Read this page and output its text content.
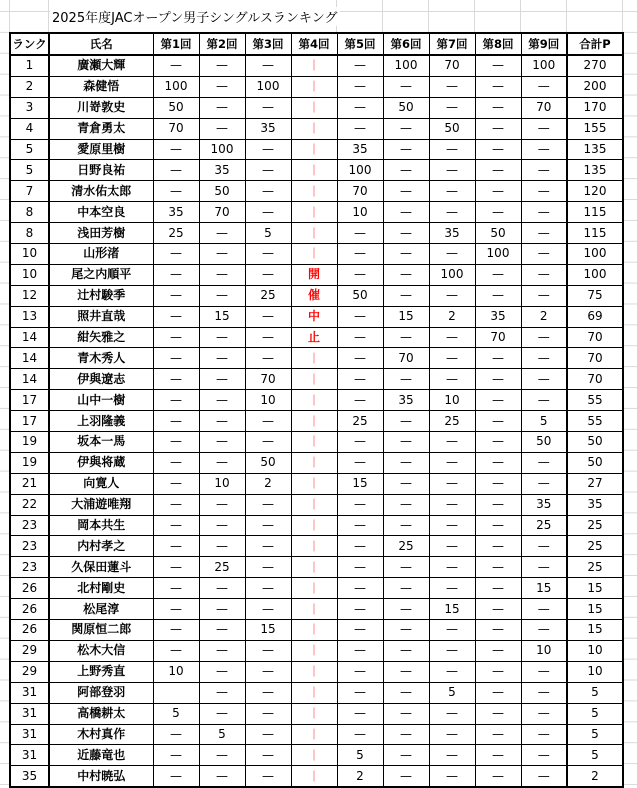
2025年度JACオープン男子シングルスランキング
ランク	氏名	第1回	第2回	第3回	第4回	第5回	第6回	第7回	第8回	第9回	合計P
1	廣瀬大輝	—	—	—	｜	—	100	70	—	100	270
2	森健悟	100	—	100	｜	—	—	—	—	—	200
3	川嵜敦史	50	—	—	｜	—	50	—	—	70	170
4	青倉勇太	70	—	35	｜	—	—	50	—	—	155
5	愛原里樹	—	100	—	｜	35	—	—	—	—	135
5	日野良祐	—	35	—	｜	100	—	—	—	—	135
7	清水佑太郎	—	50	—	｜	70	—	—	—	—	120
8	中本空良	35	70	—	｜	10	—	—	—	—	115
8	浅田芳樹	25	—	5	｜	—	—	35	50	—	115
10	山形渚	—	—	—	｜	—	—	—	100	—	100
10	尾之内順平	—	—	—	開	—	—	100	—	—	100
12	辻村駿季	—	—	25	催	50	—	—	—	—	75
13	照井直哉	—	15	—	中	—	15	2	35	2	69
14	紺矢雅之	—	—	—	止	—	—	—	70	—	70
14	青木秀人	—	—	—	｜	—	70	—	—	—	70
14	伊與遼志	—	—	70	｜	—	—	—	—	—	70
17	山中一樹	—	—	10	｜	—	35	10	—	—	55
17	上羽隆義	—	—	—	｜	25	—	25	—	5	55
19	坂本一馬	—	—	—	｜	—	—	—	—	50	50
19	伊與将蔵	—	—	50	｜	—	—	—	—	—	50
21	向寛人	—	10	2	｜	15	—	—	—	—	27
22	大浦遊唯翔	—	—	—	｜	—	—	—	—	35	35
23	岡本共生	—	—	—	｜	—	—	—	—	25	25
23	内村孝之	—	—	—	｜	—	25	—	—	—	25
23	久保田蓮斗	—	25	—	｜	—	—	—	—	—	25
26	北村剛史	—	—	—	｜	—	—	—	—	15	15
26	松尾淳	—	—	—	｜	—	—	15	—	—	15
26	関原恒二郎	—	—	15	｜	—	—	—	—	—	15
29	松木大信	—	—	—	｜	—	—	—	—	10	10
29	上野秀直	10	—	—	｜	—	—	—	—	—	10
31	阿部登羽		—	—	｜	—	—	5	—	—	5
31	高橋耕太	5	—	—	｜	—	—	—	—	—	5
31	木村真作	—	5	—	｜	—	—	—	—	—	5
31	近藤竜也	—	—	—	｜	5	—	—	—	—	5
35	中村暁弘	—	—	—	｜	2	—	—	—	—	2
